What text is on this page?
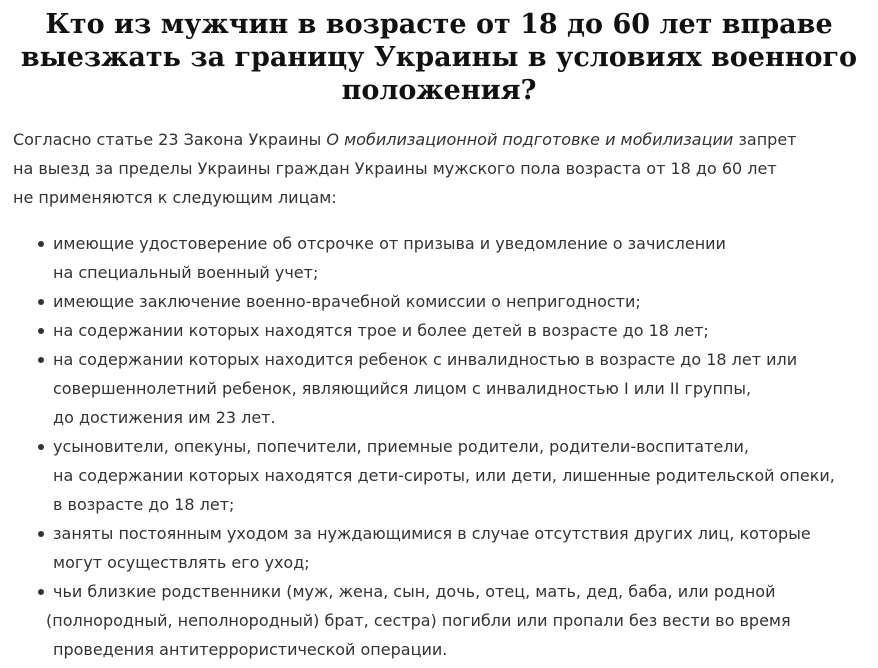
Кто из мужчин в возрасте от 18 до 60 лет вправе
выезжать за границу Украины в условиях военного
положения?

Согласно статье 23 Закона Украины О мобилизационной подготовке и мобилизации запрет
на выезд за пределы Украины граждан Украины мужского пола возраста от 18 до 60 лет
не применяются к следующим лицам:

имеющие удостоверение об отсрочке от призыва и уведомление о зачислении
на специальный военный учет;
имеющие заключение военно-врачебной комиссии о непригодности;
на содержании которых находятся трое и более детей в возрасте до 18 лет;
на содержании которых находится ребенок с инвалидностью в возрасте до 18 лет или
совершеннолетний ребенок, являющийся лицом с инвалидностью I или II группы,
до достижения им 23 лет.
усыновители, опекуны, попечители, приемные родители, родители-воспитатели,
на содержании которых находятся дети-сироты, или дети, лишенные родительской опеки,
в возрасте до 18 лет;
заняты постоянным уходом за нуждающимися в случае отсутствия других лиц, которые
могут осуществлять его уход;
чьи близкие родственники (муж, жена, сын, дочь, отец, мать, дед, баба, или родной
(полнородный, неполнородный) брат, сестра) погибли или пропали без вести во время
проведения антитеррористической операции.
